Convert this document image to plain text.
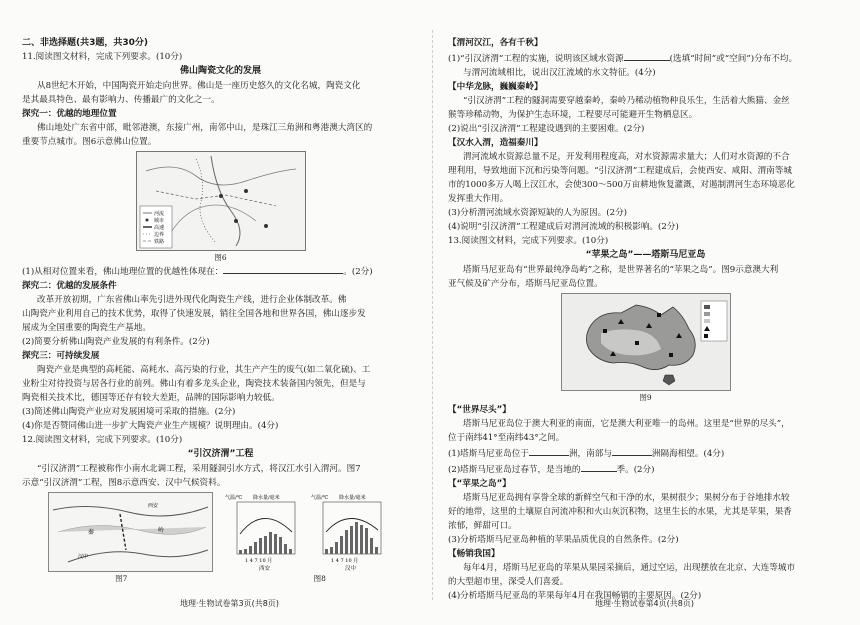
二、非选择题(共3题，共30分)
11.阅读图文材料，完成下列要求。(10分)
佛山陶瓷文化的发展
从8世纪木开始，中国陶瓷开始走向世界。佛山是一座历史悠久的文化名城，陶瓷文化
是其最具特色、最有影响力、传播最广的文化之一。
探究一：优越的地理位置
佛山地处广东省中部，毗邻港澳，东接广州，南邻中山，是珠江三角洲和粤港澳大湾区的
重要节点城市。图6示意佛山位置。
河流
城市
高速
边界
铁路
图6
(1)从相对位置来看，佛山地理位置的优越性体现在：	。(2分)
探究二：优越的发展条件
改革开放初期，广东省佛山率先引进外现代化陶瓷生产线，进行企业体制改革。佛
山陶瓷产业利用自己的技术优势，取得了快速发展，销往全国各地和世界各国，佛山逐步发
展成为全国重要的陶瓷生产基地。
(2)简要分析佛山陶瓷产业发展的有利条件。(2分)
探究三：可持续发展
陶瓷产业是典型的高耗能、高耗水、高污染的行业，其生产产生的废气(如二氧化硫)、工
业粉尘对待投资与居各行业的前列。佛山有着多龙头企业，陶瓷技术装备国内领先，但是与
陶瓷相关技术比，德国等还存有较大差距，品牌的国际影响力较低。
(3)简述佛山陶瓷产业应对发展困境可采取的措施。(2分)
(4)你是否赞同佛山进一步扩大陶瓷产业生产规模？说明理由。(4分)
12.阅读图文材料，完成下列要求。(10分)
“引汉济渭”工程
“引汉济渭”工程被称作小南水北调工程，采用隧洞引水方式，将汉江水引入渭河。图7
示意“引汉济渭”工程，图8示意西安、汉中气候资料。
秦	岭
西安
汉中
气温/℃ 降水量/毫米	气温/℃ 降水量/毫米
1 4 7 10 月	1 4 7 10 月
西安	汉中
图7	图8
地理·生物试卷第3页(共8页)
【渭河汉江，各有千秋】
(1)“引汉济渭”工程的实施，说明该区域水资源	(选填“时间”或“空间”)分布不均。
与渭河流域相比，说出汉江流域的水文特征。(4分)
【中华龙脉，巍巍秦岭】
“引汉济渭”工程的隧洞需要穿越秦岭，秦岭乃稀动植物种良乐生，生活着大熊猫、金丝
猴等珍稀动物，为保护生态环境，工程要尽可能避开生物栖息区。
(2)说出“引汉济渭”工程建设遇到的主要困难。(2分)
【汉水入渭，造福秦川】
渭河流域水资源总量不足，开发利用程度高，对水资源需求量大；人们对水资源的不合
理利用，导致地面下沉和污染等问题。“引汉济渭”工程建成后，会使西安、咸阳、渭南等城
市的1000多万人喝上汉江水，会使300～500万亩耕地恢复灌溉，对遏制渭河生态环境恶化
发挥重大作用。
(3)分析渭河流域水资源短缺的人为原因。(2分)
(4)说明“引汉济渭”工程建成后对渭河流域的积极影响。(2分)
13.阅读图文材料，完成下列要求。(10分)
“苹果之岛”——塔斯马尼亚岛
塔斯马尼亚岛有“世界最纯净岛屿”之称，是世界著名的“苹果之岛”。图9示意澳大利
亚气候及矿产分布，塔斯马尼亚岛位置。
图9
【“世界尽头”】
塔斯马尼亚岛位于澳大利亚的南面，它是澳大利亚唯一的岛州。这里是“世界的尽头”，
位于南纬41°至南纬43°之间。
(1)塔斯马尼亚岛位于	洲，南部与	洲隔海相望。(4分)
(2)塔斯马尼亚岛过春节，是当地的	季。(2分)
【“苹果之岛”】
塔斯马尼亚岛拥有享誉全球的新鲜空气和干净的水，果树很少；果树分布于谷地排水较
好的地带，这里的土壤原自河流冲积和火山灰沉积物，这里生长的水果，尤其是苹果，果香
浓郁，鲜甜可口。
(3)分析塔斯马尼亚岛种植的苹果品质优良的自然条件。(2分)
【畅销我国】
每年4月，塔斯马尼亚岛的苹果从果园采摘后，通过空运，出现摆放在北京、大连等城市
的大型超市里，深受人们喜爱。
(4)分析塔斯马尼亚岛的苹果每年4月在我国畅销的主要原因。(2分)
地理·生物试卷第4页(共8页)
